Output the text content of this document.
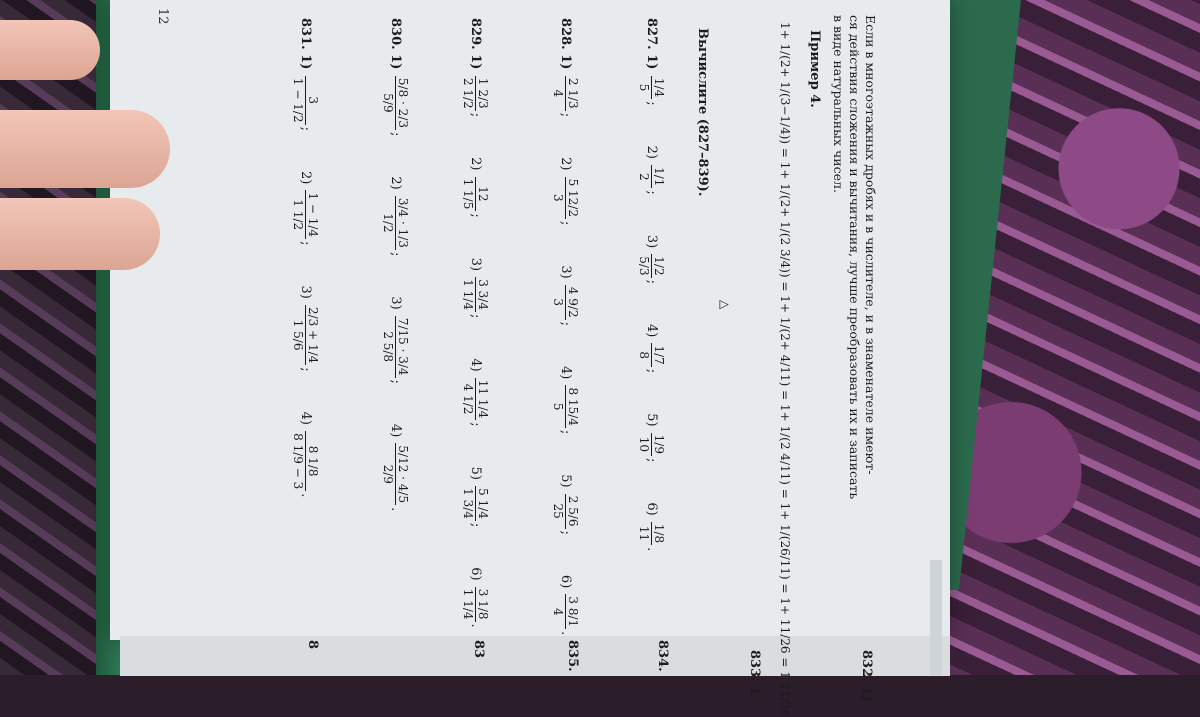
12	Если в многоэтажных дробях и в числителе, и в знаменателе имеют-
ся действия сложения и вычитания, лучше преобразовать их и записать
в виде натуральных чисел.
Пример 4.
1+ 1/(2+ 1/(3−1/4)) = 1+ 1/(2+ 1/(2 3/4)) = 1+ 1/(2+ 4/11) = 1+ 1/(2 4/11) = 1+ 1/(26/11) = 1+ 11/26 = 1 11/26
△
Вычислите (827–839).
827. 1)
1/4
5
;2)
1/1
2
;3)
1/2
5/3
;4)
1/7
8
;5)
1/9
10
;6)
1/8
11
.
828. 1)
2 1/3
4
;2)
5 12/2
3
;3)
4 9/2
3
;4)
8 15/4
5
;5)
2 5/6
25
;6)
3 8/1
4
.
829. 1)
1 2/3
2 1/2
;2)
12
1 1/5
;3)
3 3/4
1 1/4
;4)
11 1/4
4 1/2
;5)
5 1/4
1 3/4
;6)
3 1/8
1 1/4
.
830. 1)
5/8 · 2/3
5/9
;2)
3/4 · 1/3
1/2
;3)
7/15 · 3/4
2 5/8
;4)
5/12 · 4/5
2/9
.
831. 1)
3
1 − 1/2
;2)
1 − 1/4
1 1/2
;3)
2/3 + 1/4
1 5/6
;4)
8 1/8
8 1/9 − 3
.
832. 1)
833. 1
834.
835.
83
8
